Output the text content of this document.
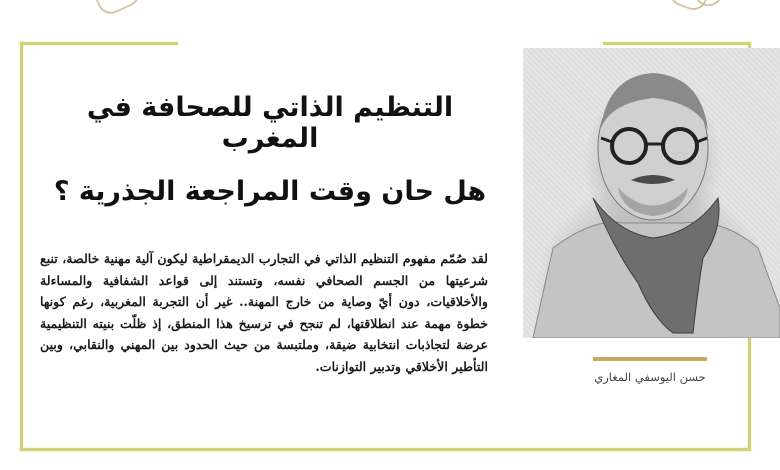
التنظيم الذاتي للصحافة في المغرب
هل حان وقت المراجعة الجذرية ؟
لقد صُمّم مفهوم التنظيم الذاتي في التجارب الديمقراطية ليكون آلية مهنية خالصة، تنبع شرعيتها من الجسم الصحافي نفسه، وتستند إلى قواعد الشفافية والمساءلة والأخلاقيات، دون أيّ وصاية من خارج المهنة.. غير أن التجربة المغربية، رغم كونها خطوة مهمة عند انطلاقتها، لم تنجح في ترسيخ هذا المنطق، إذ ظلّت بنيته التنظيمية عرضة لتجاذبات انتخابية ضيقة، وملتبسة من حيث الحدود بين المهني والنقابي، وبين التأطير الأخلاقي وتدبير التوازنات.
حسن اليوسفي المغاري
